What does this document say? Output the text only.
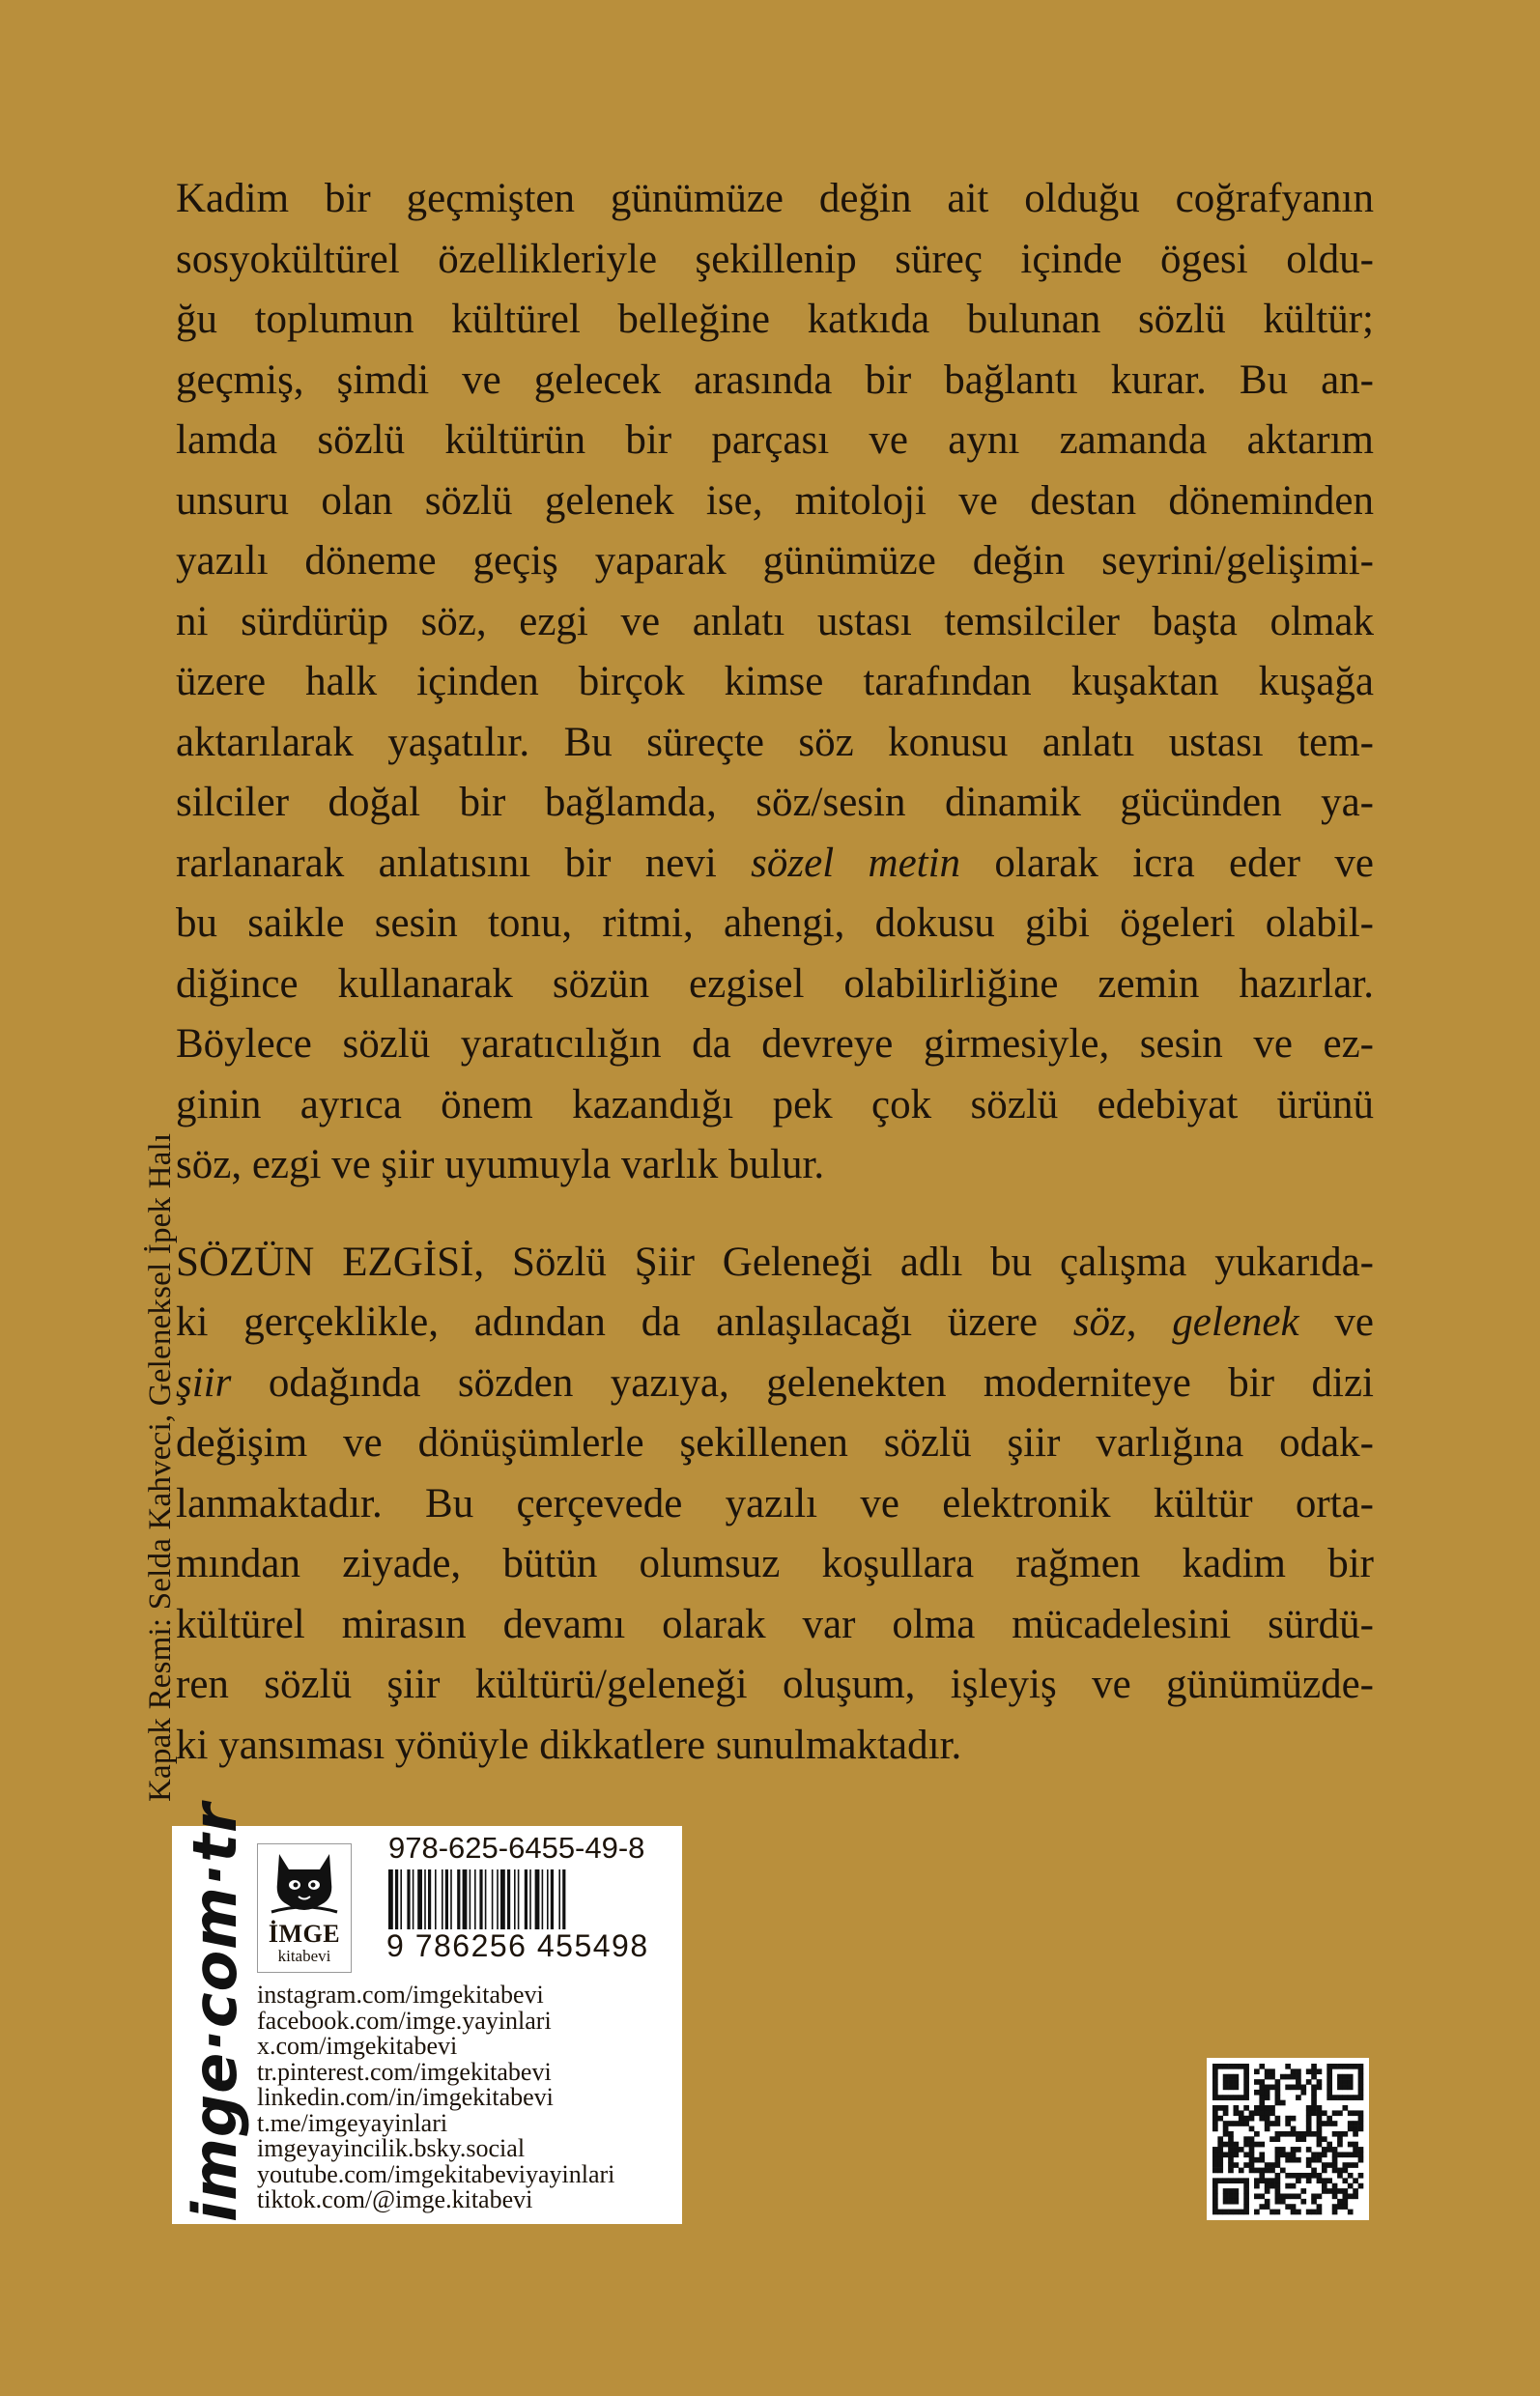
Kadim bir geçmişten günümüze değin ait olduğu coğrafyanın
sosyokültürel özellikleriyle şekillenip süreç içinde ögesi oldu-
ğu toplumun kültürel belleğine katkıda bulunan sözlü kültür;
geçmiş, şimdi ve gelecek arasında bir bağlantı kurar. Bu an-
lamda sözlü kültürün bir parçası ve aynı zamanda aktarım
unsuru olan sözlü gelenek ise, mitoloji ve destan döneminden
yazılı döneme geçiş yaparak günümüze değin seyrini/gelişimi-
ni sürdürüp söz, ezgi ve anlatı ustası temsilciler başta olmak
üzere halk içinden birçok kimse tarafından kuşaktan kuşağa
aktarılarak yaşatılır. Bu süreçte söz konusu anlatı ustası tem-
silciler doğal bir bağlamda, söz/sesin dinamik gücünden ya-
rarlanarak anlatısını bir nevi sözel metin olarak icra eder ve
bu saikle sesin tonu, ritmi, ahengi, dokusu gibi ögeleri olabil-
diğince kullanarak sözün ezgisel olabilirliğine zemin hazırlar.
Böylece sözlü yaratıcılığın da devreye girmesiyle, sesin ve ez-
ginin ayrıca önem kazandığı pek çok sözlü edebiyat ürünü
söz, ezgi ve şiir uyumuyla varlık bulur.

SÖZÜN EZGİSİ, Sözlü Şiir Geleneği adlı bu çalışma yukarıda-
ki gerçeklikle, adından da anlaşılacağı üzere söz, gelenek ve
şiir odağında sözden yazıya, gelenekten moderniteye bir dizi
değişim ve dönüşümlerle şekillenen sözlü şiir varlığına odak-
lanmaktadır. Bu çerçevede yazılı ve elektronik kültür orta-
mından ziyade, bütün olumsuz koşullara rağmen kadim bir
kültürel mirasın devamı olarak var olma mücadelesini sürdü-
ren sözlü şiir kültürü/geleneği oluşum, işleyiş ve günümüzde-
ki yansıması yönüyle dikkatlere sunulmaktadır.

Kapak Resmi: Selda Kahveci, Geleneksel İpek Halı
imge·com·tr İMGE
kitabevi
978-625-6455-49-8
9 786256 455498
instagram.com/imgekitabevi
facebook.com/imge.yayinlari
x.com/imgekitabevi
tr.pinterest.com/imgekitabevi
linkedin.com/in/imgekitabevi
t.me/imgeyayinlari
imgeyayincilik.bsky.social
youtube.com/imgekitabeviyayinlari
tiktok.com/@imge.kitabevi
